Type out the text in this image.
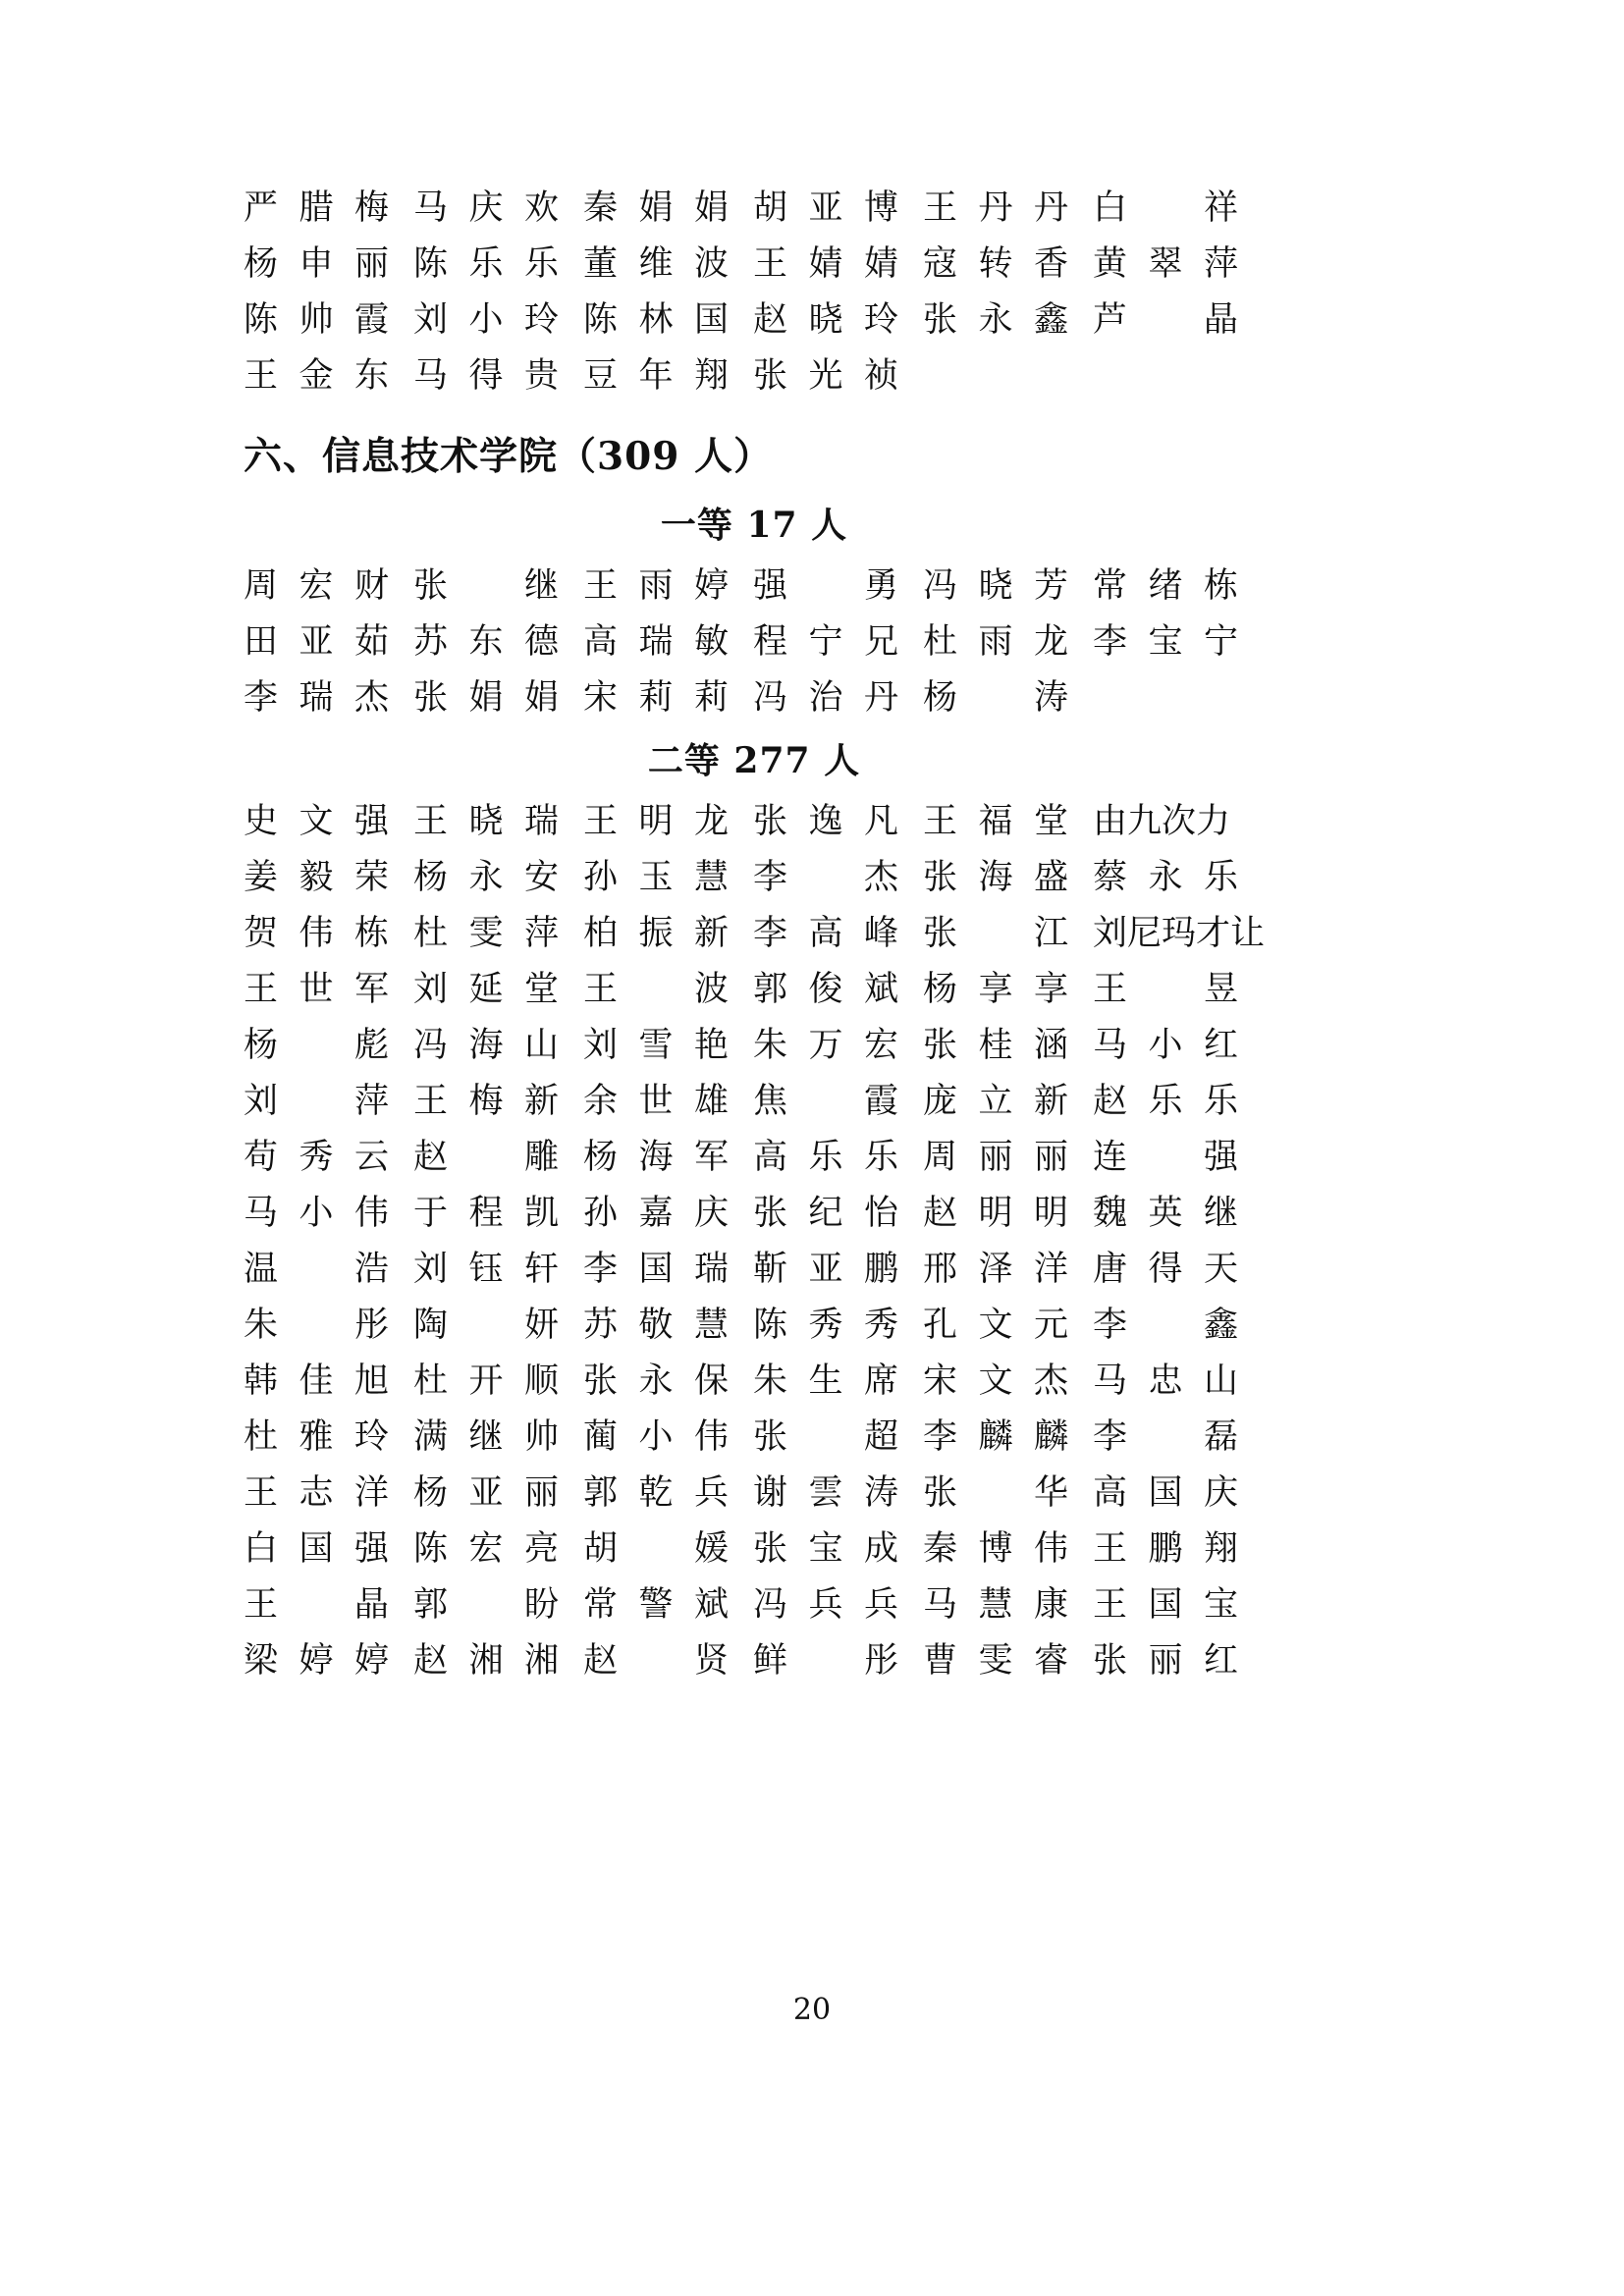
严腊梅 马庆欢 秦娟娟 胡亚博 王丹丹 白祥
杨申丽 陈乐乐 董维波 王婧婧 寇转香 黄翠萍
陈帅霞 刘小玲 陈林国 赵晓玲 张永鑫 芦晶
王金东 马得贵 豆年翔 张光祯
六、信息技术学院（309 人）
一等 17 人
周宏财 张继 王雨婷 强勇 冯晓芳 常绪栋
田亚茹 苏东德 高瑞敏 程宁兄 杜雨龙 李宝宁
李瑞杰 张娟娟 宋莉莉 冯治丹 杨涛
二等 277 人
史文强 王晓瑞 王明龙 张逸凡 王福堂 由九次力
姜毅荣 杨永安 孙玉慧 李杰 张海盛 蔡永乐
贺伟栋 杜雯萍 柏振新 李高峰 张江 刘尼玛才让
王世军 刘延堂 王波 郭俊斌 杨享享 王昱
杨彪 冯海山 刘雪艳 朱万宏 张桂涵 马小红
刘萍 王梅新 余世雄 焦霞 庞立新 赵乐乐
苟秀云 赵雕 杨海军 高乐乐 周丽丽 连强
马小伟 于程凯 孙嘉庆 张纪怡 赵明明 魏英继
温浩 刘钰轩 李国瑞 靳亚鹏 邢泽洋 唐得天
朱彤 陶妍 苏敬慧 陈秀秀 孔文元 李鑫
韩佳旭 杜开顺 张永保 朱生席 宋文杰 马忠山
杜雅玲 满继帅 蔺小伟 张超 李麟麟 李磊
王志洋 杨亚丽 郭乾兵 谢雲涛 张华 高国庆
白国强 陈宏亮 胡媛 张宝成 秦博伟 王鹏翔
王晶 郭盼 常警斌 冯兵兵 马慧康 王国宝
梁婷婷 赵湘湘 赵贤 鲜彤 曹雯睿 张丽红
20
